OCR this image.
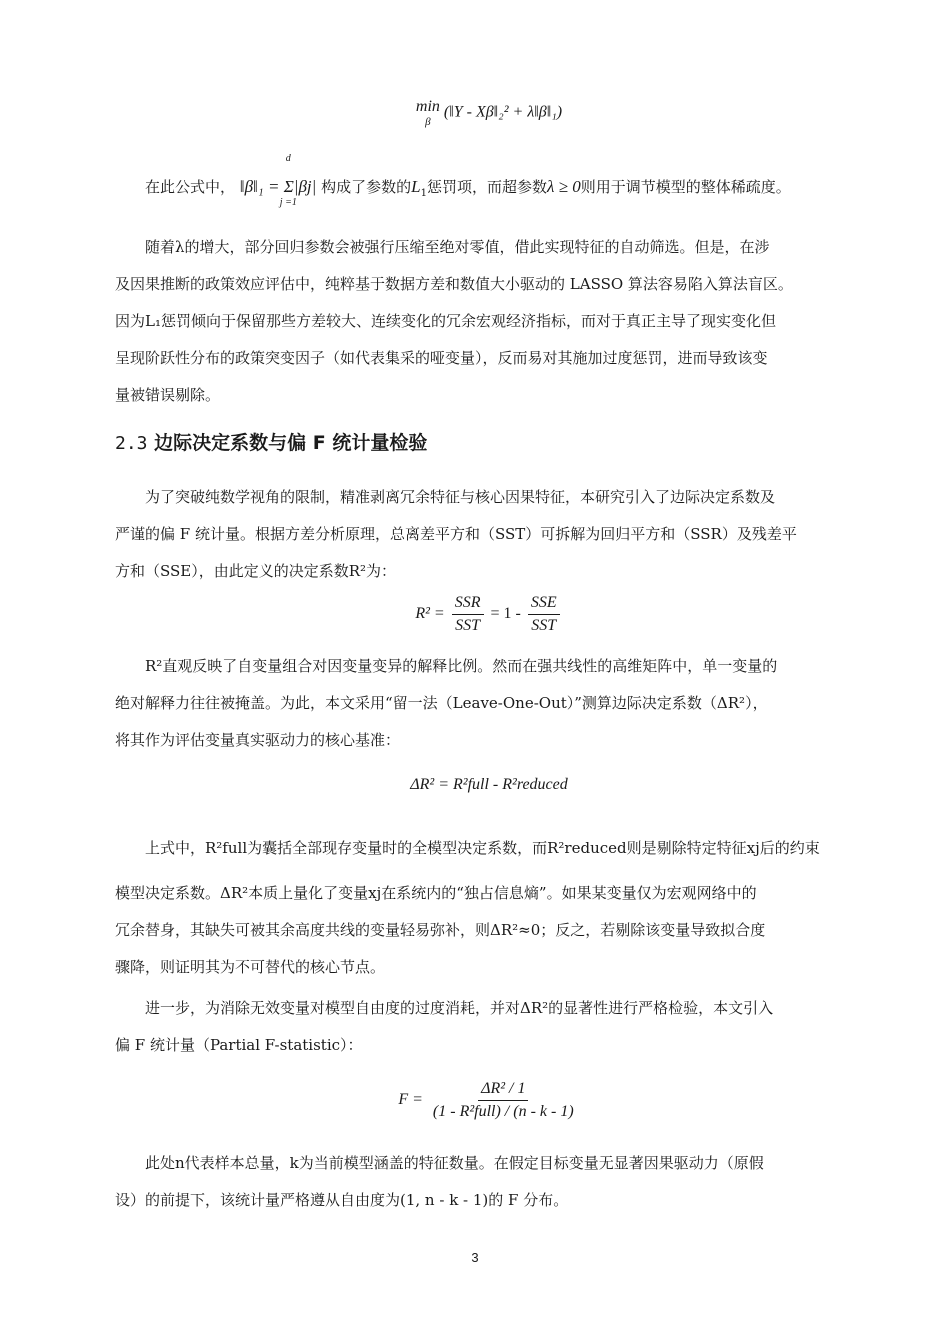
min
β
(‖Y - Xβ‖₂² + λ‖β‖₁)
在此公式中， ‖β‖₁ = Σ|βj|
d
j =1
构成了参数的$L_1$惩罚项，而超参数λ ≥ 0则用于调节模型的整体稀疏度。
随着λ的增大，部分回归参数会被强行压缩至绝对零值，借此实现特征的自动筛选。但是，在涉
及因果推断的政策效应评估中，纯粹基于数据方差和数值大小驱动的 LASSO 算法容易陷入算法盲区。
因为L₁惩罚倾向于保留那些方差较大、连续变化的冗余宏观经济指标，而对于真正主导了现实变化但
呈现阶跃性分布的政策突变因子（如代表集采的哑变量），反而易对其施加过度惩罚，进而导致该变
量被错误剔除。
2.3 边际决定系数与偏 F 统计量检验
为了突破纯数学视角的限制，精准剥离冗余特征与核心因果特征，本研究引入了边际决定系数及
严谨的偏 F 统计量。根据方差分析原理，总离差平方和（SST）可拆解为回归平方和（SSR）及残差平
方和（SSE），由此定义的决定系数R²为：
$R^2 = \frac{\text{SSR}}{\text{SST}} = 1 - \frac{\text{SSE}}{\text{SST}}$
R²直观反映了自变量组合对因变量变异的解释比例。然而在强共线性的高维矩阵中，单一变量的
绝对解释力往往被掩盖。为此，本文采用“留一法（Leave-One-Out）”测算边际决定系数（ΔR²），
将其作为评估变量真实驱动力的核心基准：
ΔR² = R²full - R²reduced
上式中，R²full为囊括全部现存变量时的全模型决定系数，而R²reduced则是剔除特定特征xj后的约束
模型决定系数。ΔR²本质上量化了变量xj在系统内的“独占信息熵”。如果某变量仅为宏观网络中的
冗余替身，其缺失可被其余高度共线的变量轻易弥补，则ΔR²≈0；反之，若剔除该变量导致拟合度
骤降，则证明其为不可替代的核心节点。
进一步，为消除无效变量对模型自由度的过度消耗，并对ΔR²的显著性进行严格检验，本文引入
偏 F 统计量（Partial F-statistic）：
$F = \frac{\text{ΔR² / 1}}{\text{(1 - R²full) / (n - k - 1)}}$
此处n代表样本总量，k为当前模型涵盖的特征数量。在假定目标变量无显著因果驱动力（原假
设）的前提下，该统计量严格遵从自由度为(1, n - k - 1)的 F 分布。
3
